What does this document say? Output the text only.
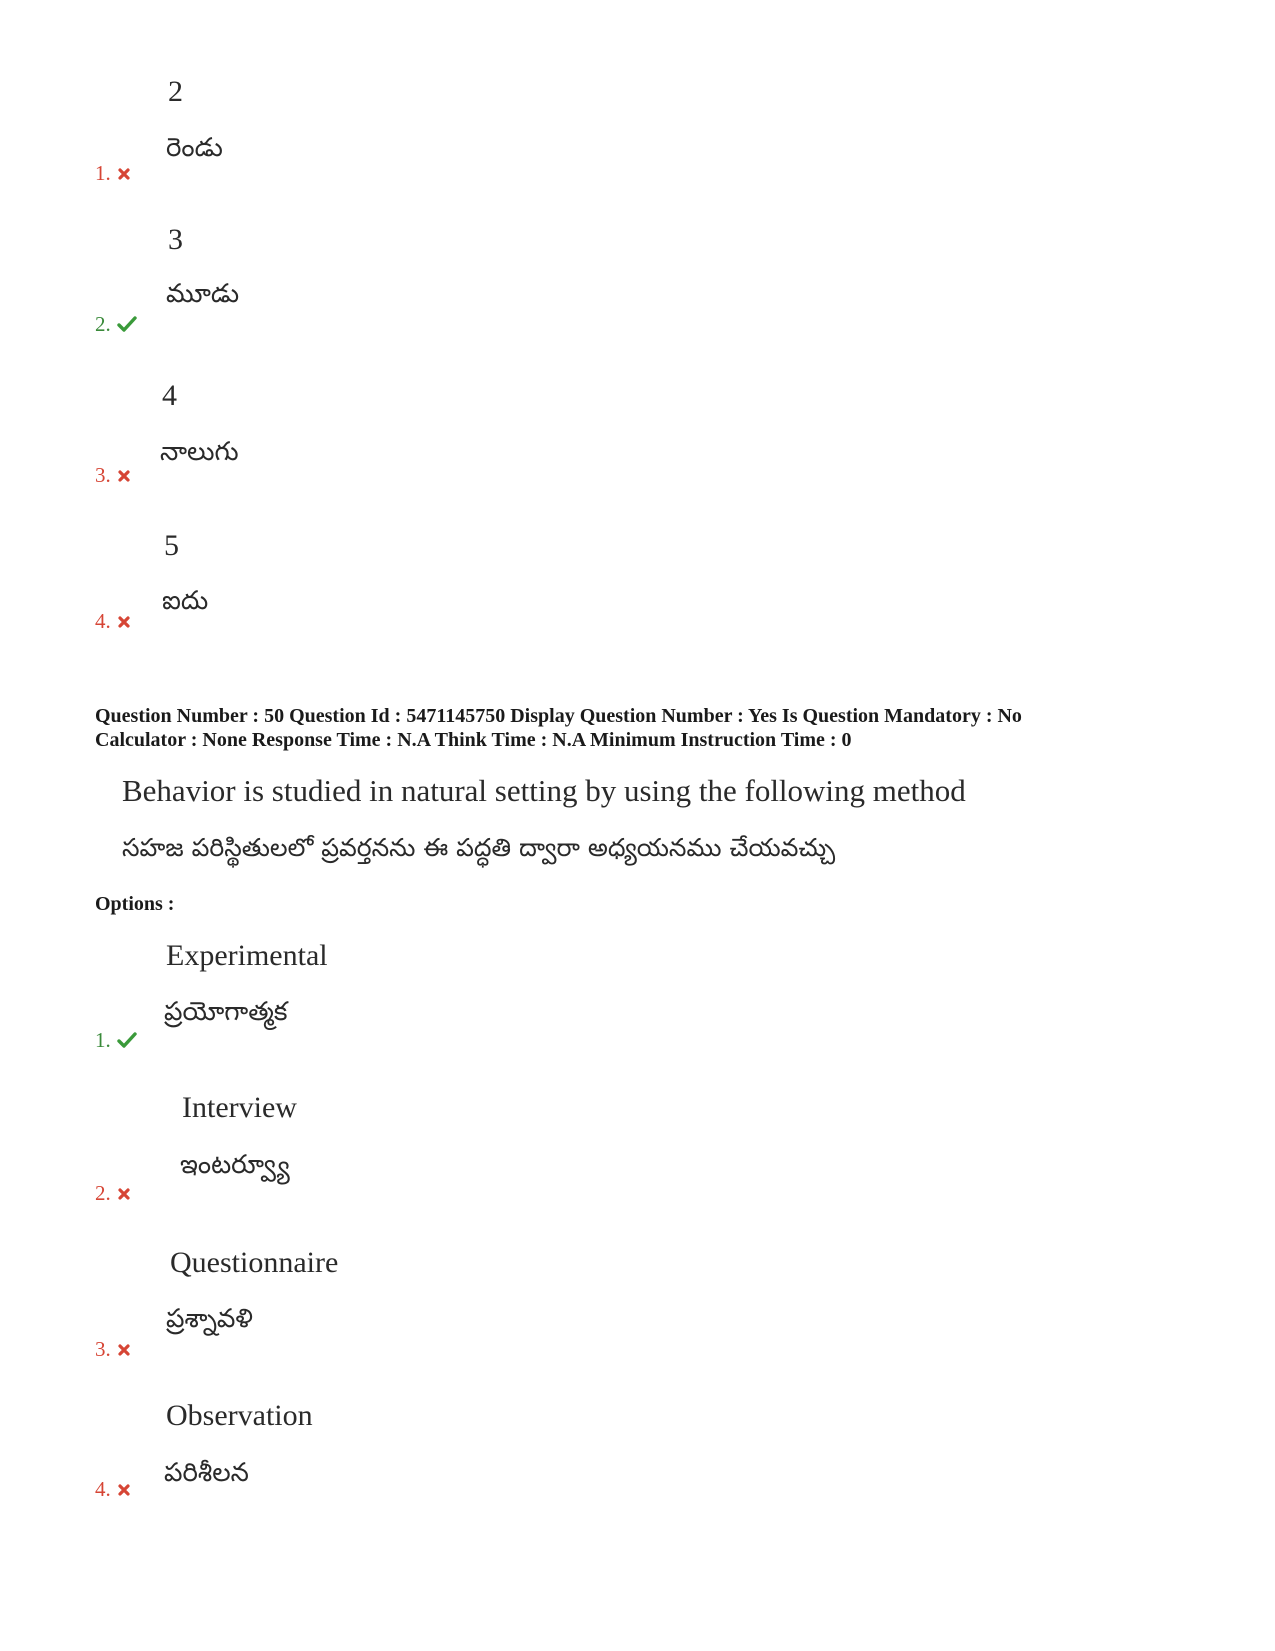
2
రెండు
1.
3
మూడు
2.
4
నాలుగు
3.
5
ఐదు
4.
Question Number : 50 Question Id : 5471145750 Display Question Number : Yes Is Question Mandatory : No
Calculator : None Response Time : N.A Think Time : N.A Minimum Instruction Time : 0
Behavior is studied in natural setting by using the following method
సహజ పరిస్థితులలో ప్రవర్తనను ఈ పద్ధతి ద్వారా అధ్యయనము చేయవచ్చు
Options :
Experimental
ప్రయోగాత్మక
1.
Interview
ఇంటర్వ్యూ
2.
Questionnaire
ప్రశ్నావళి
3.
Observation
పరిశీలన
4.
